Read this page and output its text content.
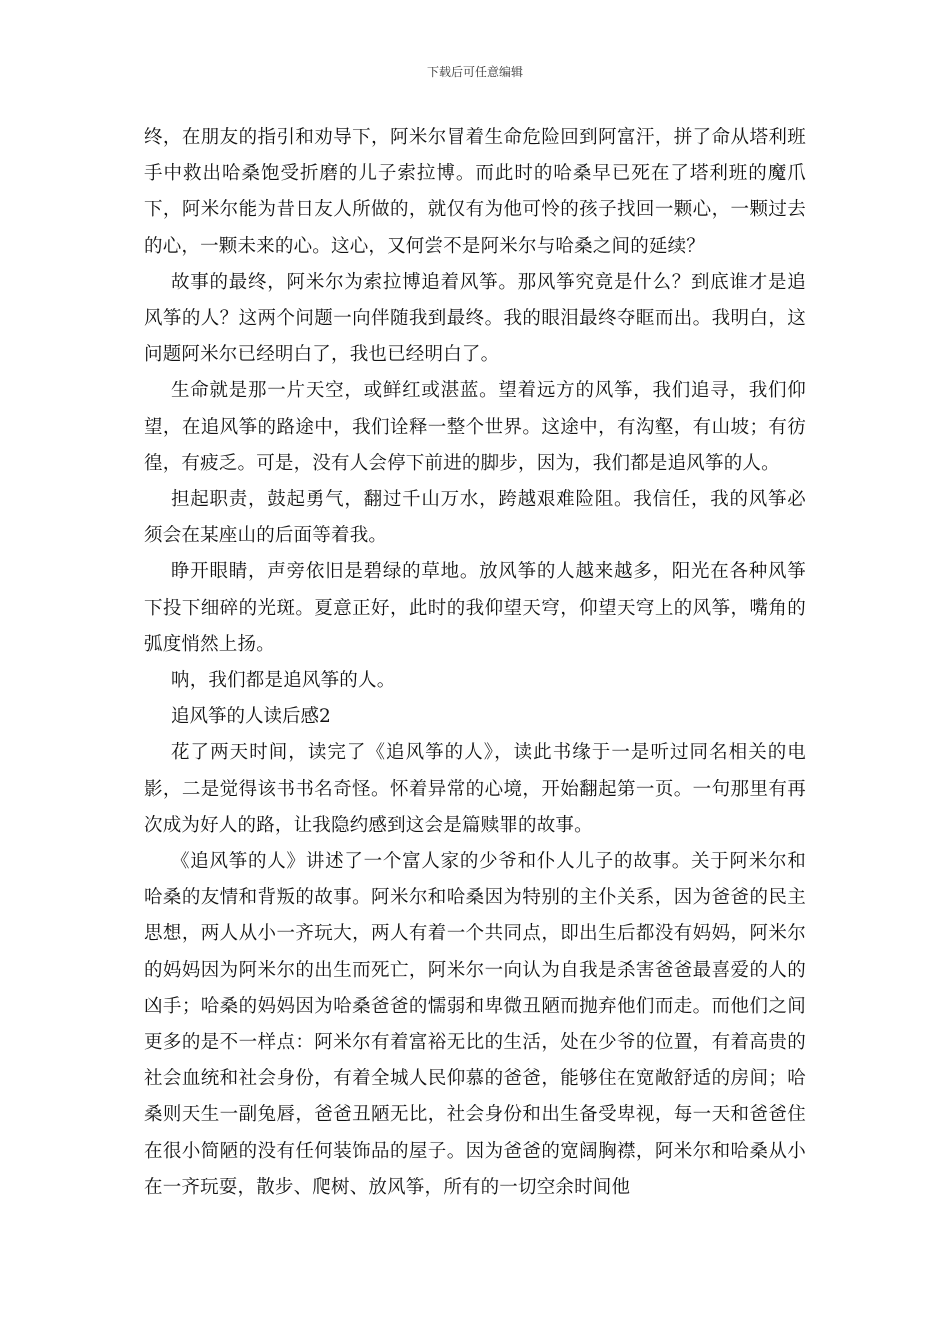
下载后可任意编辑

终，在朋友的指引和劝导下，阿米尔冒着生命危险回到阿富汗，拼了命从塔利班手中救出哈桑饱受折磨的儿子索拉博。而此时的哈桑早已死在了塔利班的魔爪下，阿米尔能为昔日友人所做的，就仅有为他可怜的孩子找回一颗心，一颗过去的心，一颗未来的心。这心，又何尝不是阿米尔与哈桑之间的延续？

故事的最终，阿米尔为索拉博追着风筝。那风筝究竟是什么？到底谁才是追风筝的人？这两个问题一向伴随我到最终。我的眼泪最终夺眶而出。我明白，这问题阿米尔已经明白了，我也已经明白了。

生命就是那一片天空，或鲜红或湛蓝。望着远方的风筝，我们追寻，我们仰望，在追风筝的路途中，我们诠释一整个世界。这途中，有沟壑，有山坡；有彷徨，有疲乏。可是，没有人会停下前进的脚步，因为，我们都是追风筝的人。

担起职责，鼓起勇气，翻过千山万水，跨越艰难险阻。我信任，我的风筝必须会在某座山的后面等着我。

睁开眼睛，声旁依旧是碧绿的草地。放风筝的人越来越多，阳光在各种风筝下投下细碎的光斑。夏意正好，此时的我仰望天穹，仰望天穹上的风筝，嘴角的弧度悄然上扬。

呐，我们都是追风筝的人。

追风筝的人读后感2

花了两天时间，读完了《追风筝的人》，读此书缘于一是听过同名相关的电影，二是觉得该书书名奇怪。怀着异常的心境，开始翻起第一页。一句那里有再次成为好人的路，让我隐约感到这会是篇赎罪的故事。

《追风筝的人》讲述了一个富人家的少爷和仆人儿子的故事。关于阿米尔和哈桑的友情和背叛的故事。阿米尔和哈桑因为特别的主仆关系，因为爸爸的民主思想，两人从小一齐玩大，两人有着一个共同点，即出生后都没有妈妈，阿米尔的妈妈因为阿米尔的出生而死亡，阿米尔一向认为自我是杀害爸爸最喜爱的人的凶手；哈桑的妈妈因为哈桑爸爸的懦弱和卑微丑陋而抛弃他们而走。而他们之间更多的是不一样点：阿米尔有着富裕无比的生活，处在少爷的位置，有着高贵的社会血统和社会身份，有着全城人民仰慕的爸爸，能够住在宽敞舒适的房间；哈桑则天生一副兔唇，爸爸丑陋无比，社会身份和出生备受卑视，每一天和爸爸住在很小简陋的没有任何装饰品的屋子。因为爸爸的宽阔胸襟，阿米尔和哈桑从小在一齐玩耍，散步、爬树、放风筝，所有的一切空余时间他
